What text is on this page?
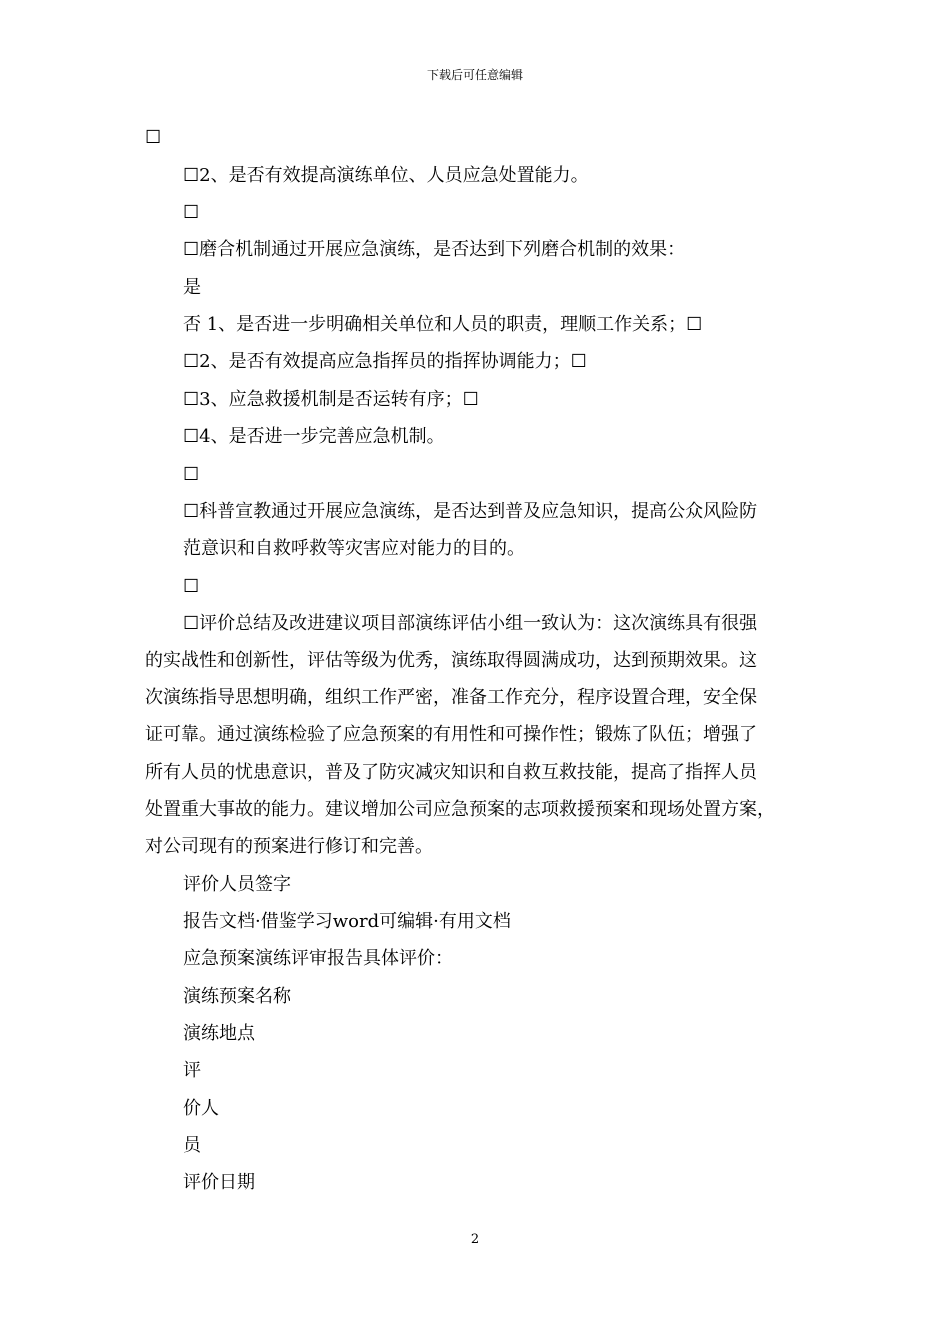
下载后可任意编辑
☐
☐2、是否有效提高演练单位、人员应急处置能力。
☐
☐磨合机制通过开展应急演练，是否达到下列磨合机制的效果：
是
否 1、是否进一步明确相关单位和人员的职责，理顺工作关系；☐
☐2、是否有效提高应急指挥员的指挥协调能力；☐
☐3、应急救援机制是否运转有序；☐
☐4、是否进一步完善应急机制。
☐
☐科普宣教通过开展应急演练，是否达到普及应急知识，提高公众风险防
范意识和自救呼救等灾害应对能力的目的。
☐
☐评价总结及改进建议项目部演练评估小组一致认为：这次演练具有很强
的实战性和创新性，评估等级为优秀，演练取得圆满成功，达到预期效果。这
次演练指导思想明确，组织工作严密，准备工作充分，程序设置合理，安全保
证可靠。通过演练检验了应急预案的有用性和可操作性；锻炼了队伍；增强了
所有人员的忧患意识，普及了防灾减灾知识和自救互救技能，提高了指挥人员
处置重大事故的能力。建议增加公司应急预案的志项救援预案和现场处置方案，
对公司现有的预案进行修订和完善。
评价人员签字
报告文档·借鉴学习word可编辑·有用文档
应急预案演练评审报告具体评价：
演练预案名称
演练地点
评
价人
员
评价日期
2
